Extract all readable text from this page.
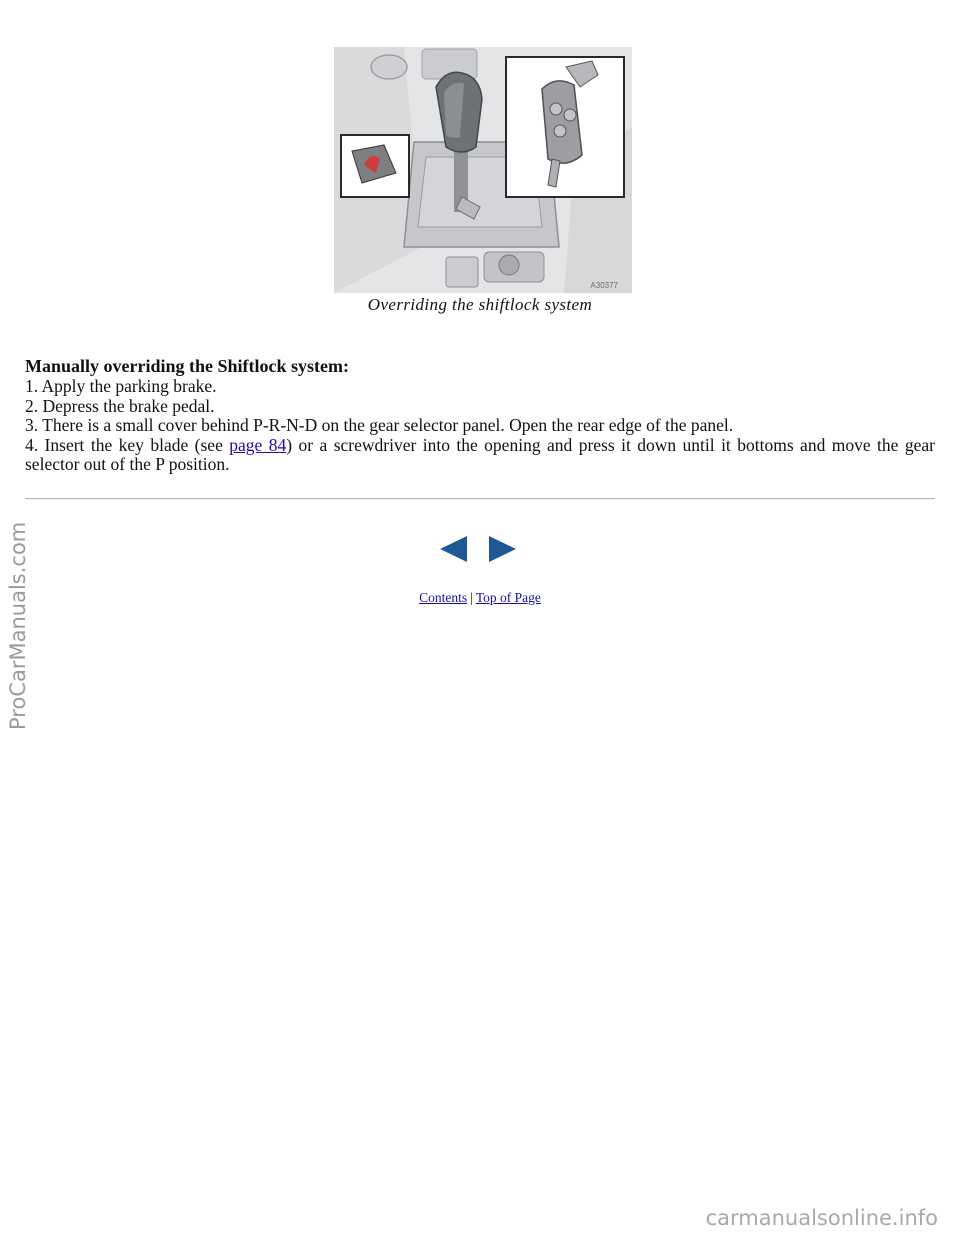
A30377
Overriding the shiftlock system
Manually overriding the Shiftlock system:

1. Apply the parking brake.

2. Depress the brake pedal.

3. There is a small cover behind P-R-N-D on the gear selector panel. Open the rear edge of the panel.

4. Insert the key blade (see page 84) or a screwdriver into the opening and press it down until it bottoms and move the gear selector out of the P position.

Contents | Top of Page
ProCarManuals.com
carmanualsonline.info
